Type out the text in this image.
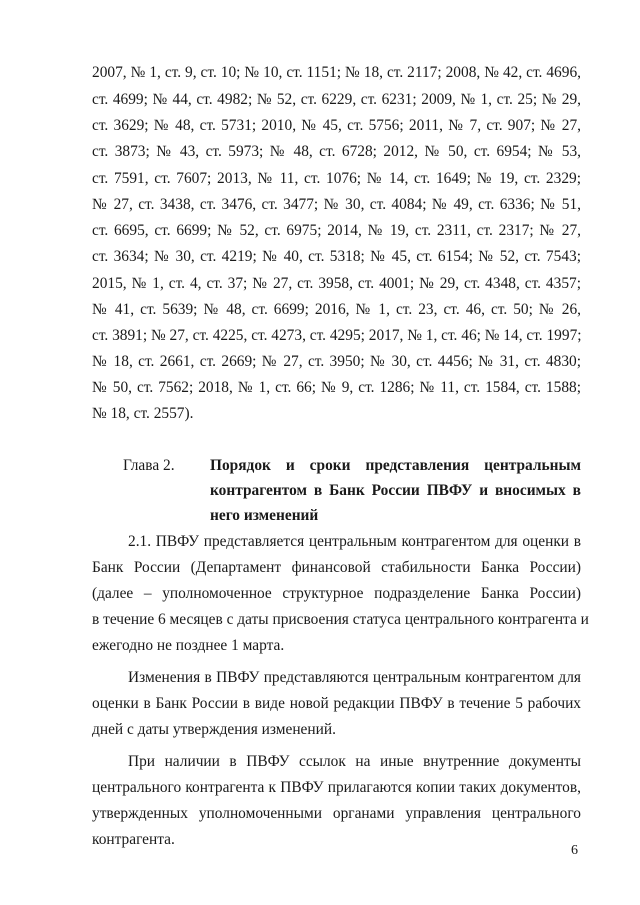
2007, № 1, ст. 9, ст. 10; № 10, ст. 1151; № 18, ст. 2117; 2008, № 42, ст. 4696,
ст. 4699; № 44, ст. 4982; № 52, ст. 6229, ст. 6231; 2009, № 1, ст. 25; № 29,
ст. 3629; № 48, ст. 5731; 2010, № 45, ст. 5756; 2011, № 7, ст. 907; № 27,
ст. 3873; № 43, ст. 5973; № 48, ст. 6728; 2012, № 50, ст. 6954; № 53,
ст. 7591, ст. 7607; 2013, № 11, ст. 1076; № 14, ст. 1649; № 19, ст. 2329;
№ 27, ст. 3438, ст. 3476, ст. 3477; № 30, ст. 4084; № 49, ст. 6336; № 51,
ст. 6695, ст. 6699; № 52, ст. 6975; 2014, № 19, ст. 2311, ст. 2317; № 27,
ст. 3634; № 30, ст. 4219; № 40, ст. 5318; № 45, ст. 6154; № 52, ст. 7543;
2015, № 1, ст. 4, ст. 37; № 27, ст. 3958, ст. 4001; № 29, ст. 4348, ст. 4357;
№ 41, ст. 5639; № 48, ст. 6699; 2016, № 1, ст. 23, ст. 46, ст. 50; № 26,
ст. 3891; № 27, ст. 4225, ст. 4273, ст. 4295; 2017, № 1, ст. 46; № 14, ст. 1997;
№ 18, ст. 2661, ст. 2669; № 27, ст. 3950; № 30, ст. 4456; № 31, ст. 4830;
№ 50, ст. 7562; 2018, № 1, ст. 66; № 9, ст. 1286; № 11, ст. 1584, ст. 1588;
№ 18, ст. 2557).
Глава 2. Порядок и сроки представления центральным
контрагентом в Банк России ПВФУ и вносимых в
него изменений
2.1. ПВФУ представляется центральным контрагентом для оценки в
Банк России (Департамент финансовой стабильности Банка России)
(далее – уполномоченное структурное подразделение Банка России)
в течение 6 месяцев с даты присвоения статуса центрального контрагента и
ежегодно не позднее 1 марта.
Изменения в ПВФУ представляются центральным контрагентом для
оценки в Банк России в виде новой редакции ПВФУ в течение 5 рабочих
дней с даты утверждения изменений.
При наличии в ПВФУ ссылок на иные внутренние документы
центрального контрагента к ПВФУ прилагаются копии таких документов,
утвержденных уполномоченными органами управления центрального
контрагента.
6
